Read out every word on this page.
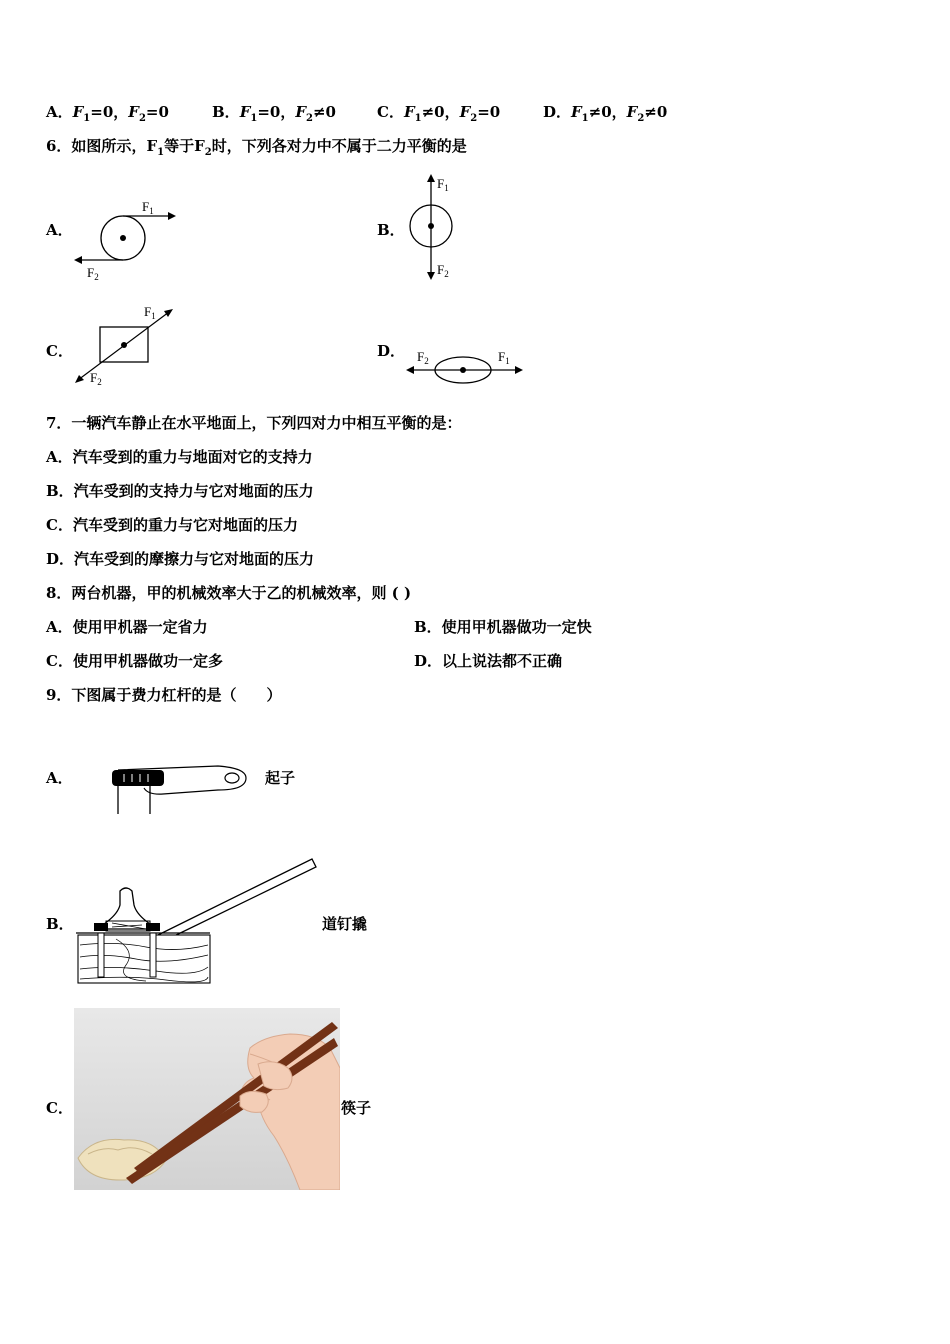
A．$F_1=0$，$F_2=0$	B．$F_1=0$，$F_2\ne 0$	C．$F_1\ne 0$，$F_2=0$	D．$F_1\ne 0$，$F_2\ne 0$
6．如图所示，$F_1$等于$F_2$时，下列各对力中不属于二力平衡的是
A．	B．
C．	D．
$F_1$
$F_2$
$F_1$
$F_2$
$F_1$
$F_2$
$F_2$	$F_1$
7．一辆汽车静止在水平地面上，下列四对力中相互平衡的是：
A．汽车受到的重力与地面对它的支持力
B．汽车受到的支持力与它对地面的压力
C．汽车受到的重力与它对地面的压力
D．汽车受到的摩擦力与它对地面的压力
8．两台机器，甲的机械效率大于乙的机械效率，则 ( )
A．使用甲机器一定省力	B．使用甲机器做功一定快
C．使用甲机器做功一定多	D．以上说法都不正确
9．下图属于费力杠杆的是（　　）
A．	起子
B．	道钉撬
C．	筷子
